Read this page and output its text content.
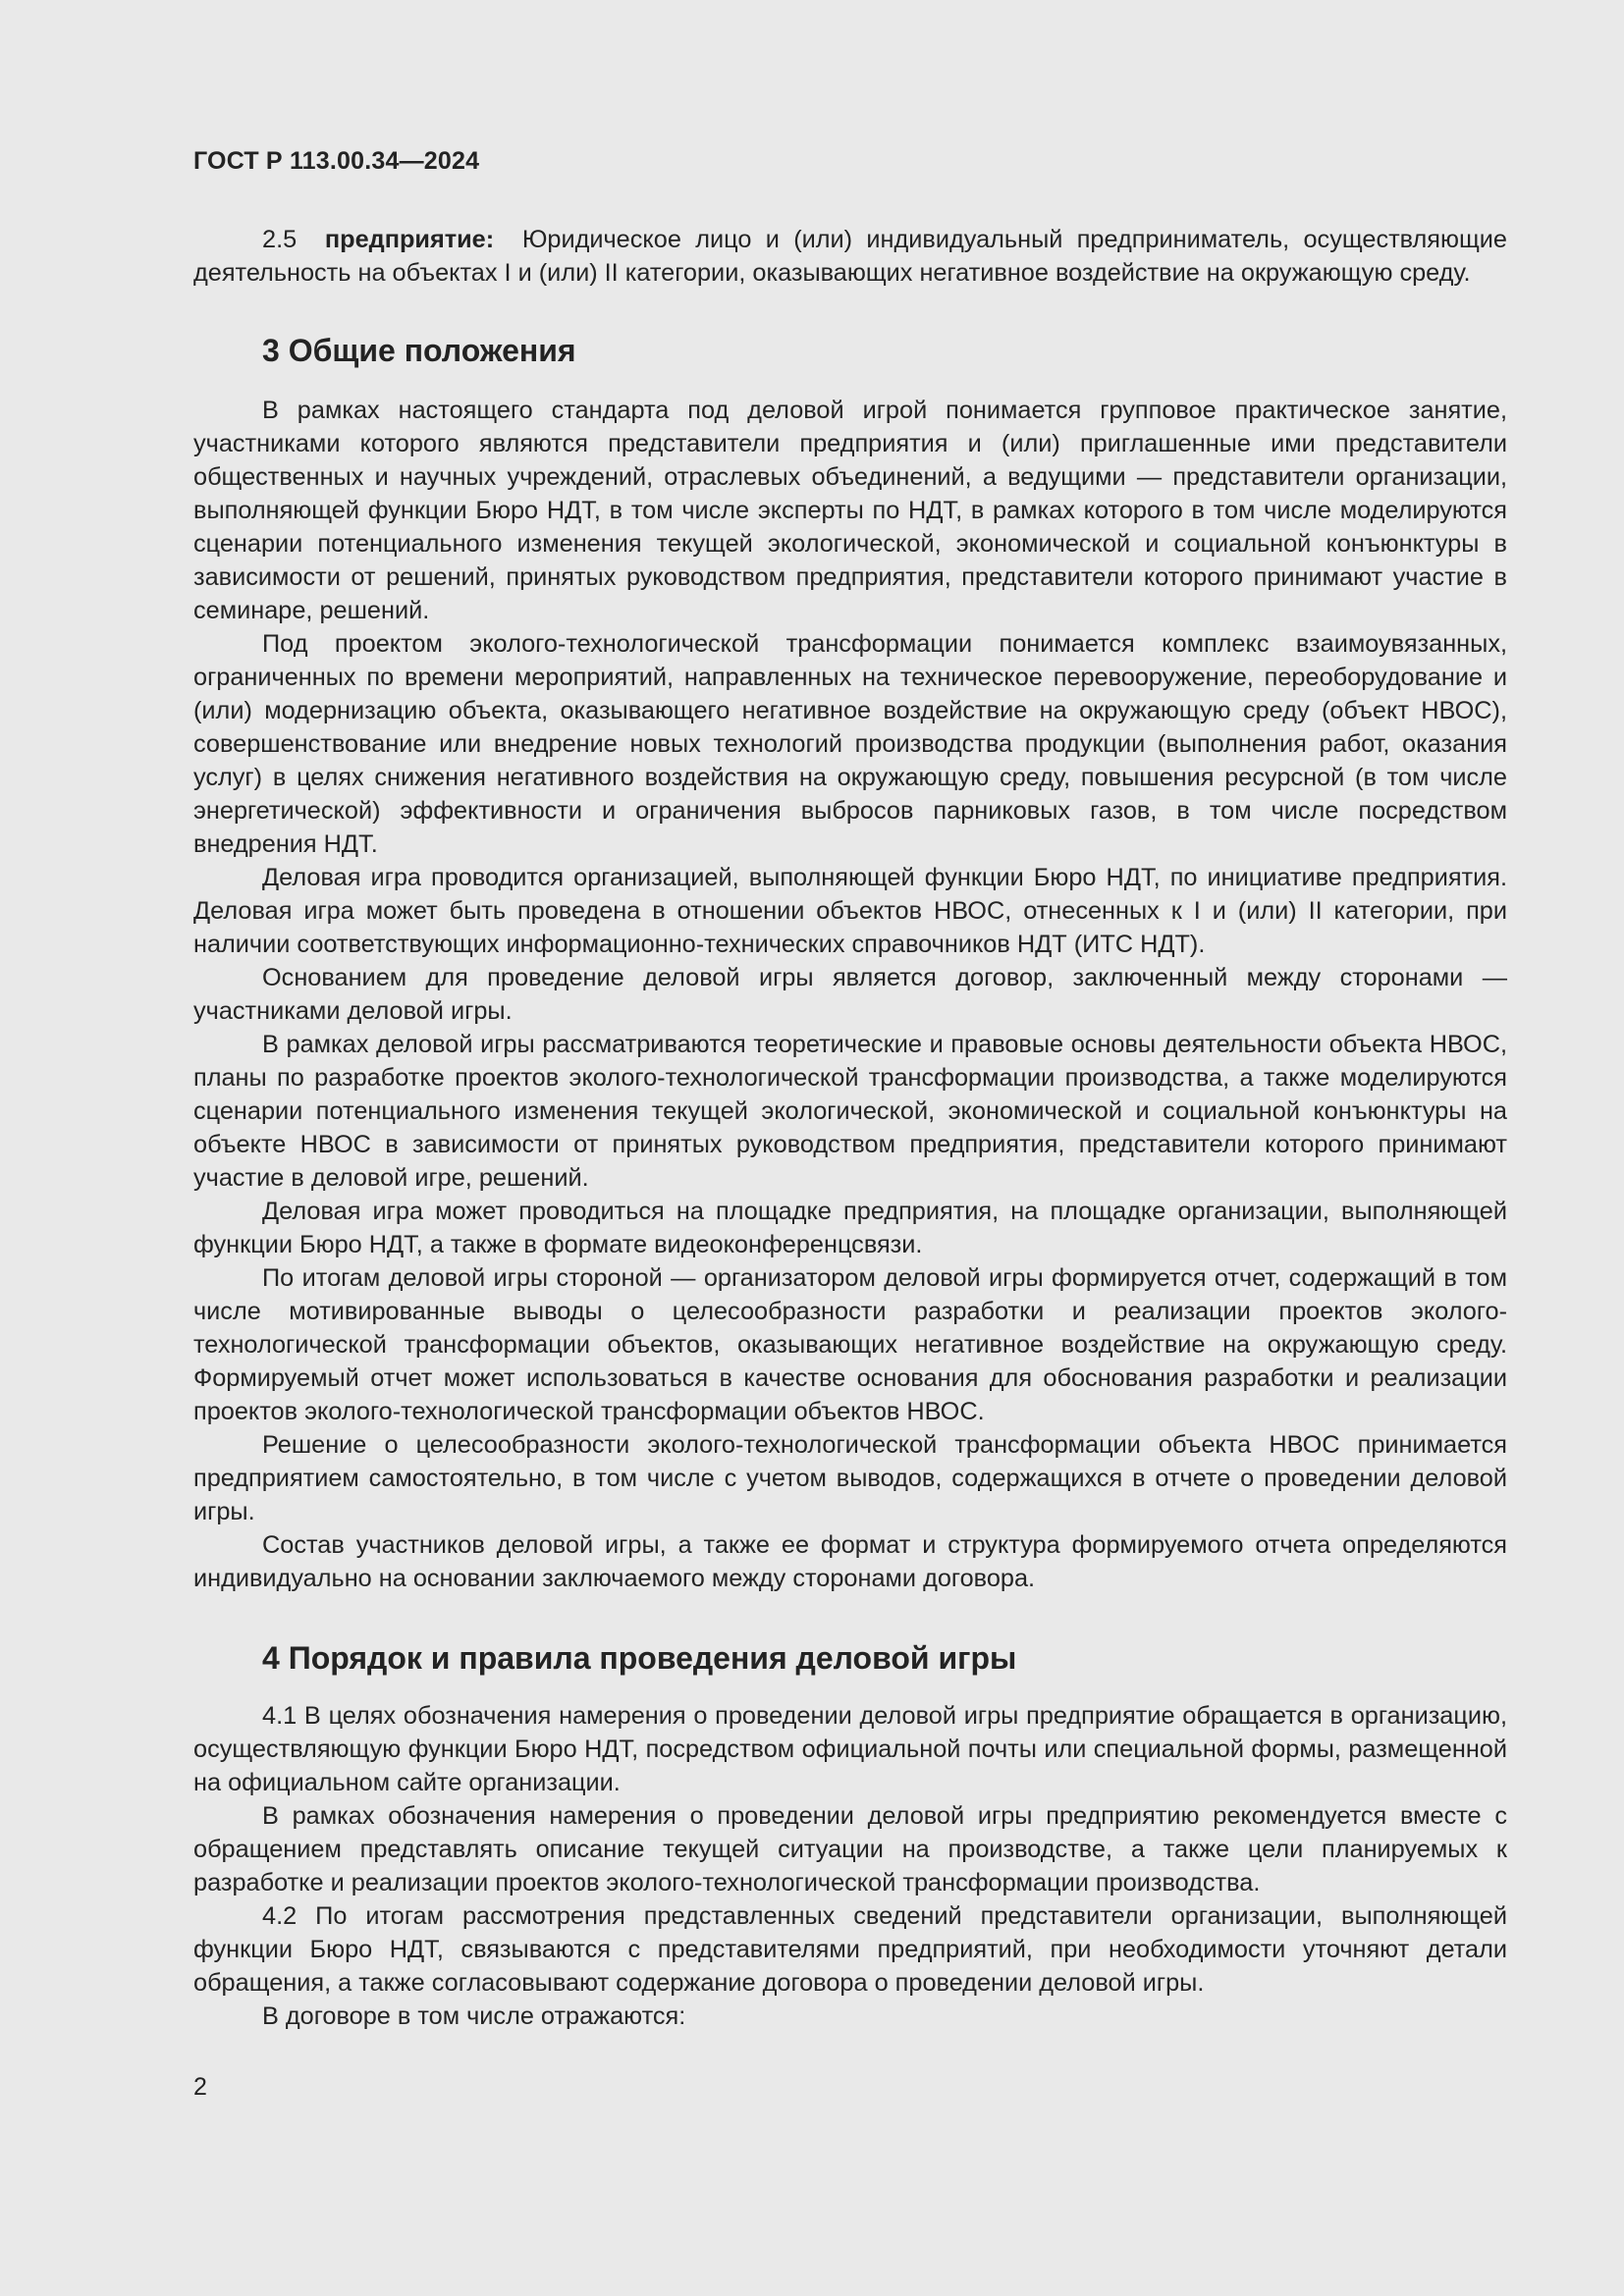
ГОСТ Р 113.00.34—2024

2.5 предприятие: Юридическое лицо и (или) индивидуальный предприниматель, осуществляющие деятельность на объектах I и (или) II категории, оказывающих негативное воздействие на окружающую среду.

3 Общие положения

В рамках настоящего стандарта под деловой игрой понимается групповое практическое занятие, участниками которого являются представители предприятия и (или) приглашенные ими представители общественных и научных учреждений, отраслевых объединений, а ведущими — представители организации, выполняющей функции Бюро НДТ, в том числе эксперты по НДТ, в рамках которого в том числе моделируются сценарии потенциального изменения текущей экологической, экономической и социальной конъюнктуры в зависимости от решений, принятых руководством предприятия, представители которого принимают участие в семинаре, решений.

Под проектом эколого-технологической трансформации понимается комплекс взаимоувязанных, ограниченных по времени мероприятий, направленных на техническое перевооружение, переоборудование и (или) модернизацию объекта, оказывающего негативное воздействие на окружающую среду (объект НВОС), совершенствование или внедрение новых технологий производства продукции (выполнения работ, оказания услуг) в целях снижения негативного воздействия на окружающую среду, повышения ресурсной (в том числе энергетической) эффективности и ограничения выбросов парниковых газов, в том числе посредством внедрения НДТ.

Деловая игра проводится организацией, выполняющей функции Бюро НДТ, по инициативе предприятия. Деловая игра может быть проведена в отношении объектов НВОС, отнесенных к I и (или) II категории, при наличии соответствующих информационно-технических справочников НДТ (ИТС НДТ).

Основанием для проведение деловой игры является договор, заключенный между сторонами — участниками деловой игры.

В рамках деловой игры рассматриваются теоретические и правовые основы деятельности объекта НВОС, планы по разработке проектов эколого-технологической трансформации производства, а также моделируются сценарии потенциального изменения текущей экологической, экономической и социальной конъюнктуры на объекте НВОС в зависимости от принятых руководством предприятия, представители которого принимают участие в деловой игре, решений.

Деловая игра может проводиться на площадке предприятия, на площадке организации, выполняющей функции Бюро НДТ, а также в формате видеоконференцсвязи.

По итогам деловой игры стороной — организатором деловой игры формируется отчет, содержащий в том числе мотивированные выводы о целесообразности разработки и реализации проектов эколого-технологической трансформации объектов, оказывающих негативное воздействие на окружающую среду. Формируемый отчет может использоваться в качестве основания для обоснования разработки и реализации проектов эколого-технологической трансформации объектов НВОС.

Решение о целесообразности эколого-технологической трансформации объекта НВОС принимается предприятием самостоятельно, в том числе с учетом выводов, содержащихся в отчете о проведении деловой игры.

Состав участников деловой игры, а также ее формат и структура формируемого отчета определяются индивидуально на основании заключаемого между сторонами договора.

4 Порядок и правила проведения деловой игры

4.1 В целях обозначения намерения о проведении деловой игры предприятие обращается в организацию, осуществляющую функции Бюро НДТ, посредством официальной почты или специальной формы, размещенной на официальном сайте организации.

В рамках обозначения намерения о проведении деловой игры предприятию рекомендуется вместе с обращением представлять описание текущей ситуации на производстве, а также цели планируемых к разработке и реализации проектов эколого-технологической трансформации производства.

4.2 По итогам рассмотрения представленных сведений представители организации, выполняющей функции Бюро НДТ, связываются с представителями предприятий, при необходимости уточняют детали обращения, а также согласовывают содержание договора о проведении деловой игры.

В договоре в том числе отражаются:

2
